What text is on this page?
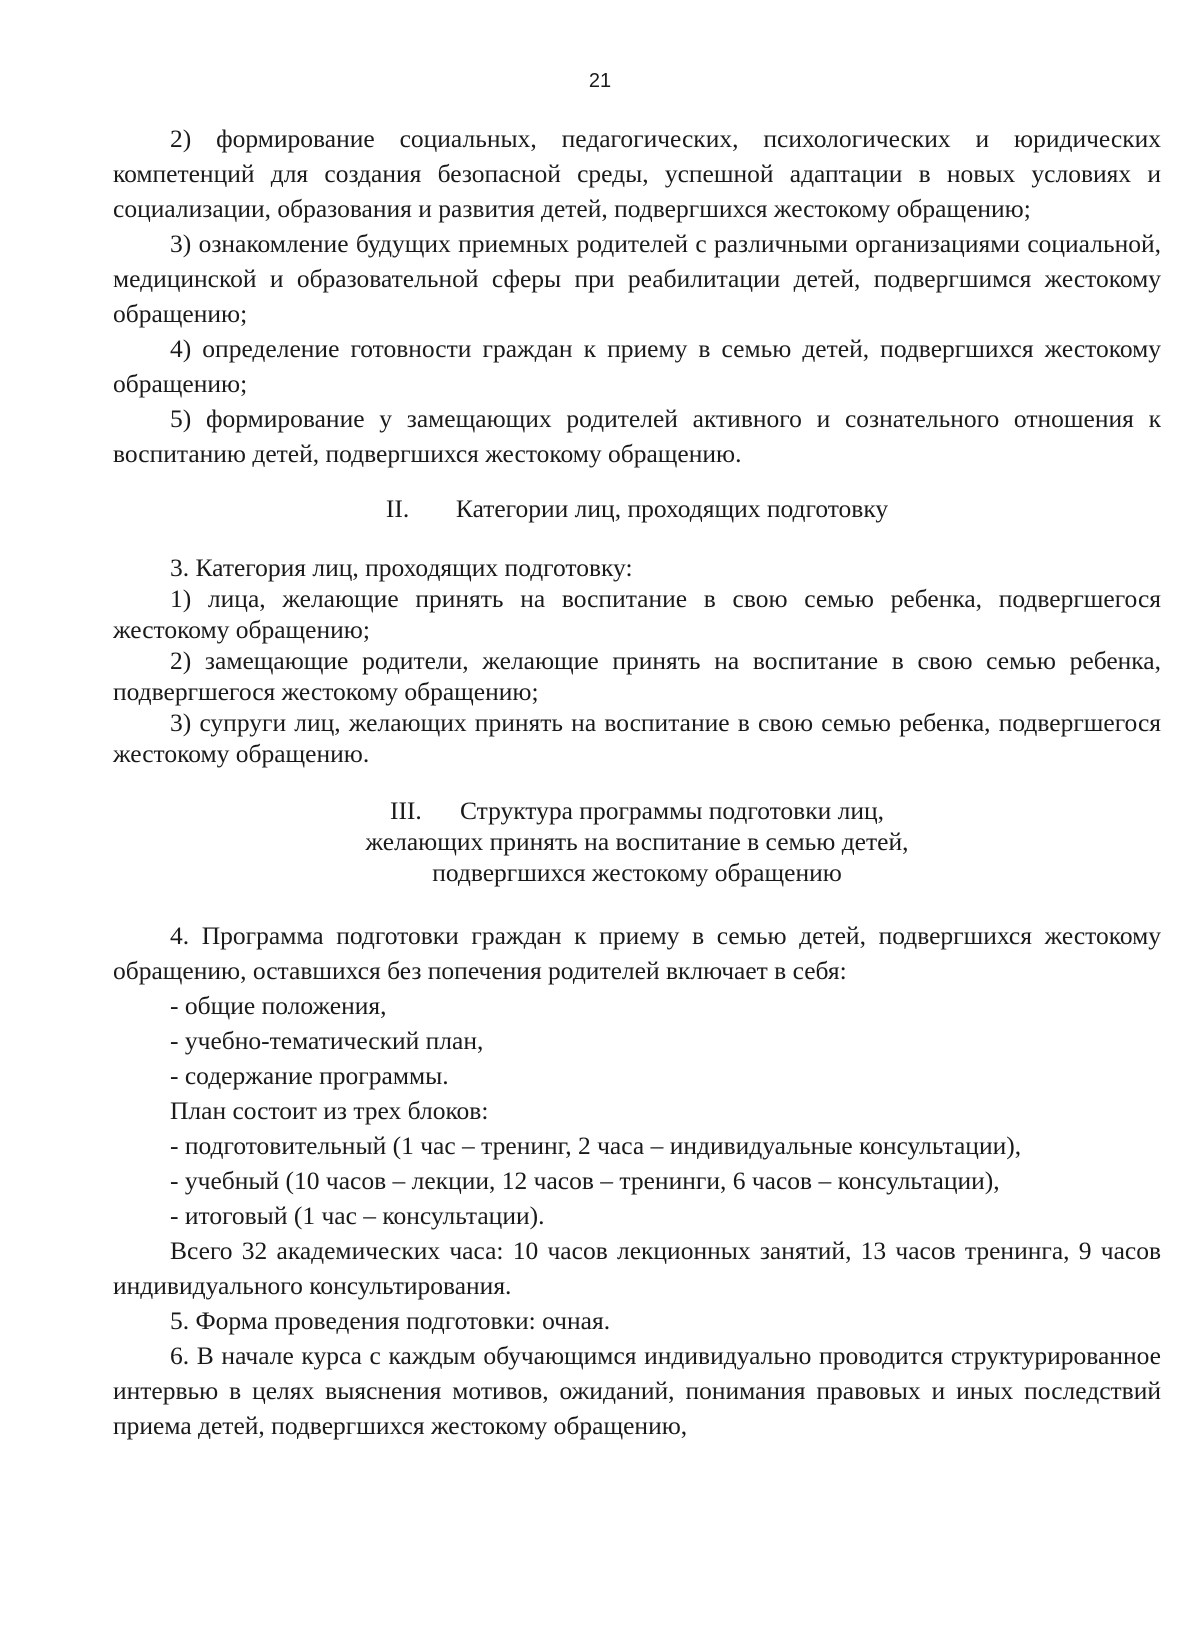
21

2) формирование социальных, педагогических, психологических и юридических компетенций для создания безопасной среды, успешной адаптации в новых условиях и социализации, образования и развития детей, подвергшихся жестокому обращению;

3) ознакомление будущих приемных родителей с различными организациями социальной, медицинской и образовательной сферы при реабилитации детей, подвергшимся жестокому обращению;

4) определение готовности граждан к приему в семью детей, подвергшихся жестокому обращению;

5) формирование у замещающих родителей активного и сознательного отношения к воспитанию детей, подвергшихся жестокому обращению.

II. Категории лиц, проходящих подготовку

3. Категория лиц, проходящих подготовку:

1) лица, желающие принять на воспитание в свою семью ребенка, подвергшегося жестокому обращению;

2) замещающие родители, желающие принять на воспитание в свою семью ребенка, подвергшегося жестокому обращению;

3) супруги лиц, желающих принять на воспитание в свою семью ребенка, подвергшегося жестокому обращению.

III. Структура программы подготовки лиц,
желающих принять на воспитание в семью детей,
подвергшихся жестокому обращению

4. Программа подготовки граждан к приему в семью детей, подвергшихся жестокому обращению, оставшихся без попечения родителей включает в себя:

- общие положения,
- учебно-тематический план,
- содержание программы.
План состоит из трех блоков:
- подготовительный (1 час – тренинг, 2 часа – индивидуальные консультации),
- учебный (10 часов – лекции, 12 часов – тренинги, 6 часов – консультации),
- итоговый (1 час – консультации).

Всего 32 академических часа: 10 часов лекционных занятий, 13 часов тренинга, 9 часов индивидуального консультирования.

5. Форма проведения подготовки: очная.

6. В начале курса с каждым обучающимся индивидуально проводится структурированное интервью в целях выяснения мотивов, ожиданий, понимания правовых и иных последствий приема детей, подвергшихся жестокому обращению,
